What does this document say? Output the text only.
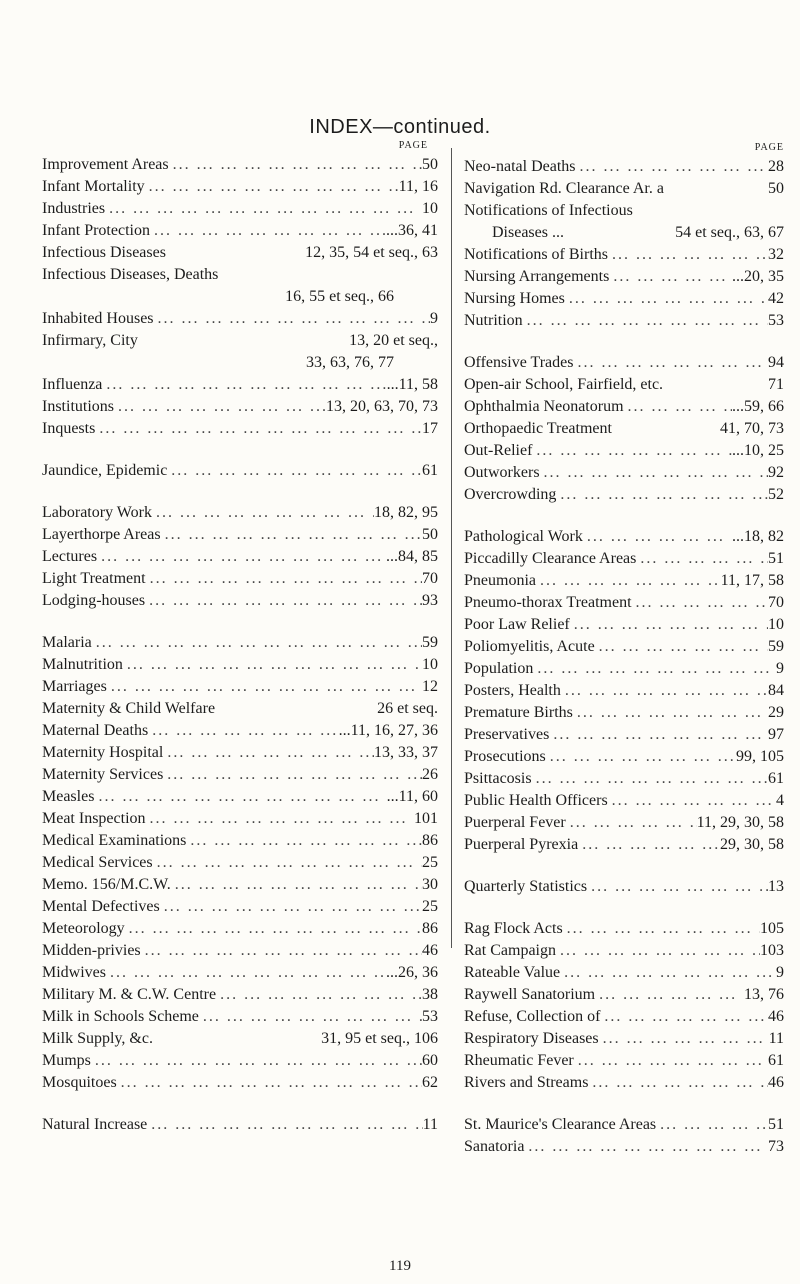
INDEX—continued.
PAGE
Improvement Areas ... .	50
Infant Mortality ... .	11, 16
Industries ... .	10
Infant Protection ... .	...36, 41
Infectious Diseases	12, 35, 54 et seq., 63
Infectious Diseases, Deaths
16, 55 et seq., 66
Inhabited Houses ... .	9
Infirmary, City	13, 20 et seq.,
33, 63, 76, 77
Influenza ... .	...11, 58
Institutions ... .	13, 20, 63, 70, 73
Inquests ... .	17
Jaundice, Epidemic ... .	61
Laboratory Work ... .	18, 82, 95
Layerthorpe Areas ... .	50
Lectures ... .	...84, 85
Light Treatment ... .	70
Lodging-houses ... .	93
Malaria ... .	59
Malnutrition ... .	10
Marriages ... .	12
Maternity & Child Welfare	26 et seq.
Maternal Deaths ... .	...11, 16, 27, 36
Maternity Hospital ... .	13, 33, 37
Maternity Services ... .	26
Measles ... .	...11, 60
Meat Inspection ... .	101
Medical Examinations ... .	86
Medical Services ... .	25
Memo. 156/M.C.W. ... .	30
Mental Defectives ... .	25
Meteorology ... .	86
Midden-privies ... .	46
Midwives ... .	...26, 36
Military M. & C.W. Centre ... .	38
Milk in Schools Scheme ... .	53
Milk Supply, &c.	31, 95 et seq., 106
Mumps ... .	60
Mosquitoes ... .	62
Natural Increase ... .	11
PAGE
Neo-natal Deaths ... .	28
Navigation Rd. Clearance Ar. a	50
Notifications of Infectious
Diseases ...	54 et seq., 63, 67
Notifications of Births ... .	32
Nursing Arrangements ... .	...20, 35
Nursing Homes ... .	42
Nutrition ... .	53
Offensive Trades ... .	94
Open-air School, Fairfield, etc.	71
Ophthalmia Neonatorum ... .	...59, 66
Orthopaedic Treatment	41, 70, 73
Out-Relief ... .	...10, 25
Outworkers ... .	92
Overcrowding ... .	52
Pathological Work ... .	...18, 82
Piccadilly Clearance Areas ... .	51
Pneumonia ... .	11, 17, 58
Pneumo-thorax Treatment ... .	70
Poor Law Relief ... .	10
Poliomyelitis, Acute ... .	59
Population ... .	9
Posters, Health ... .	84
Premature Births ... .	29
Preservatives ... .	97
Prosecutions ... .	99, 105
Psittacosis ... .	61
Public Health Officers ... .	4
Puerperal Fever ... .	11, 29, 30, 58
Puerperal Pyrexia ... .	29, 30, 58
Quarterly Statistics ... .	13
Rag Flock Acts ... .	105
Rat Campaign ... .	103
Rateable Value ... .	9
Raywell Sanatorium ... .	13, 76
Refuse, Collection of ... .	46
Respiratory Diseases ... .	11
Rheumatic Fever ... .	61
Rivers and Streams ... .	46
St. Maurice's Clearance Areas ... .	51
Sanatoria ... .	73
119
